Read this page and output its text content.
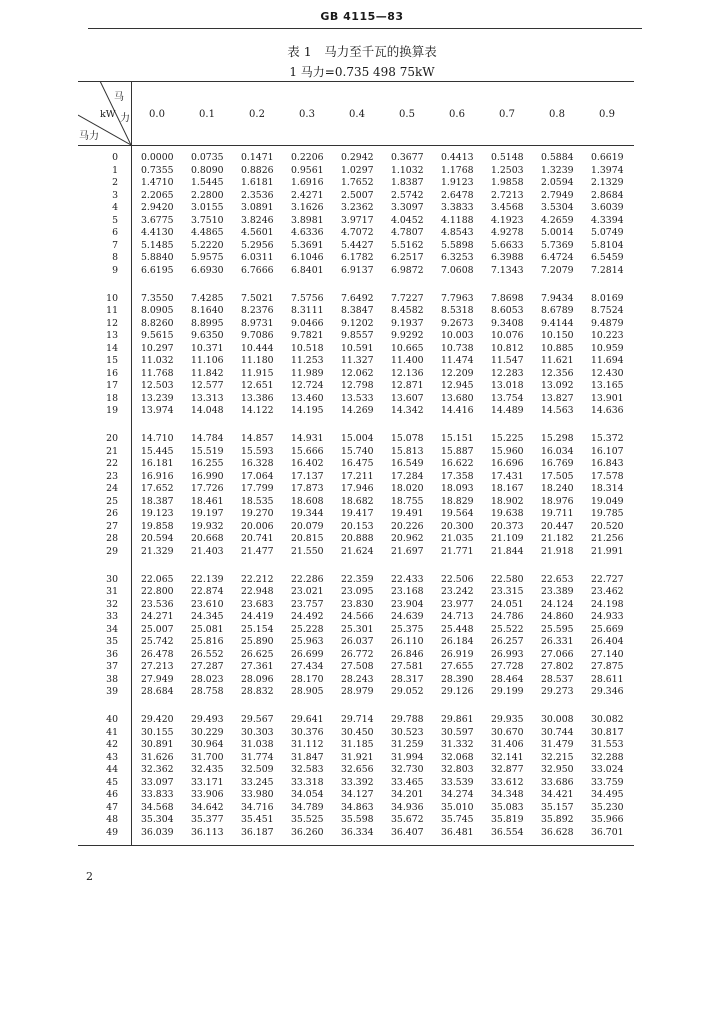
GB 4115—83
表 1　马力至千瓦的换算表
1 马力=0.735 498 75kW
马
力
kW
马力
0.0	0.1	0.2	0.3	0.4	0.5	0.6	0.7	0.8	0.9
0 0.0000 0.0735 0.1471 0.2206 0.2942 0.3677 0.4413 0.5148 0.5884 0.6619
1 0.7355 0.8090 0.8826 0.9561 1.0297 1.1032 1.1768 1.2503 1.3239 1.3974
2 1.4710 1.5445 1.6181 1.6916 1.7652 1.8387 1.9123 1.9858 2.0594 2.1329
3 2.2065 2.2800 2.3536 2.4271 2.5007 2.5742 2.6478 2.7213 2.7949 2.8684
4 2.9420 3.0155 3.0891 3.1626 3.2362 3.3097 3.3833 3.4568 3.5304 3.6039
5 3.6775 3.7510 3.8246 3.8981 3.9717 4.0452 4.1188 4.1923 4.2659 4.3394
6 4.4130 4.4865 4.5601 4.6336 4.7072 4.7807 4.8543 4.9278 5.0014 5.0749
7 5.1485 5.2220 5.2956 5.3691 5.4427 5.5162 5.5898 5.6633 5.7369 5.8104
8 5.8840 5.9575 6.0311 6.1046 6.1782 6.2517 6.3253 6.3988 6.4724 6.5459
9 6.6195 6.6930 6.7666 6.8401 6.9137 6.9872 7.0608 7.1343 7.2079 7.2814
10 7.3550 7.4285 7.5021 7.5756 7.6492 7.7227 7.7963 7.8698 7.9434 8.0169
11 8.0905 8.1640 8.2376 8.3111 8.3847 8.4582 8.5318 8.6053 8.6789 8.7524
12 8.8260 8.8995 8.9731 9.0466 9.1202 9.1937 9.2673 9.3408 9.4144 9.4879
13 9.5615 9.6350 9.7086 9.7821 9.8557 9.9292 10.003 10.076 10.150 10.223
14 10.297 10.371 10.444 10.518 10.591 10.665 10.738 10.812 10.885 10.959
15 11.032 11.106 11.180 11.253 11.327 11.400 11.474 11.547 11.621 11.694
16 11.768 11.842 11.915 11.989 12.062 12.136 12.209 12.283 12.356 12.430
17 12.503 12.577 12.651 12.724 12.798 12.871 12.945 13.018 13.092 13.165
18 13.239 13.313 13.386 13.460 13.533 13.607 13.680 13.754 13.827 13.901
19 13.974 14.048 14.122 14.195 14.269 14.342 14.416 14.489 14.563 14.636
20 14.710 14.784 14.857 14.931 15.004 15.078 15.151 15.225 15.298 15.372
21 15.445 15.519 15.593 15.666 15.740 15.813 15.887 15.960 16.034 16.107
22 16.181 16.255 16.328 16.402 16.475 16.549 16.622 16.696 16.769 16.843
23 16.916 16.990 17.064 17.137 17.211 17.284 17.358 17.431 17.505 17.578
24 17.652 17.726 17.799 17.873 17.946 18.020 18.093 18.167 18.240 18.314
25 18.387 18.461 18.535 18.608 18.682 18.755 18.829 18.902 18.976 19.049
26 19.123 19.197 19.270 19.344 19.417 19.491 19.564 19.638 19.711 19.785
27 19.858 19.932 20.006 20.079 20.153 20.226 20.300 20.373 20.447 20.520
28 20.594 20.668 20.741 20.815 20.888 20.962 21.035 21.109 21.182 21.256
29 21.329 21.403 21.477 21.550 21.624 21.697 21.771 21.844 21.918 21.991
30 22.065 22.139 22.212 22.286 22.359 22.433 22.506 22.580 22.653 22.727
31 22.800 22.874 22.948 23.021 23.095 23.168 23.242 23.315 23.389 23.462
32 23.536 23.610 23.683 23.757 23.830 23.904 23.977 24.051 24.124 24.198
33 24.271 24.345 24.419 24.492 24.566 24.639 24.713 24.786 24.860 24.933
34 25.007 25.081 25.154 25.228 25.301 25.375 25.448 25.522 25.595 25.669
35 25.742 25.816 25.890 25.963 26.037 26.110 26.184 26.257 26.331 26.404
36 26.478 26.552 26.625 26.699 26.772 26.846 26.919 26.993 27.066 27.140
37 27.213 27.287 27.361 27.434 27.508 27.581 27.655 27.728 27.802 27.875
38 27.949 28.023 28.096 28.170 28.243 28.317 28.390 28.464 28.537 28.611
39 28.684 28.758 28.832 28.905 28.979 29.052 29.126 29.199 29.273 29.346
40 29.420 29.493 29.567 29.641 29.714 29.788 29.861 29.935 30.008 30.082
41 30.155 30.229 30.303 30.376 30.450 30.523 30.597 30.670 30.744 30.817
42 30.891 30.964 31.038 31.112 31.185 31.259 31.332 31.406 31.479 31.553
43 31.626 31.700 31.774 31.847 31.921 31.994 32.068 32.141 32.215 32.288
44 32.362 32.435 32.509 32.583 32.656 32.730 32.803 32.877 32.950 33.024
45 33.097 33.171 33.245 33.318 33.392 33.465 33.539 33.612 33.686 33.759
46 33.833 33.906 33.980 34.054 34.127 34.201 34.274 34.348 34.421 34.495
47 34.568 34.642 34.716 34.789 34.863 34.936 35.010 35.083 35.157 35.230
48 35.304 35.377 35.451 35.525 35.598 35.672 35.745 35.819 35.892 35.966
49 36.039 36.113 36.187 36.260 36.334 36.407 36.481 36.554 36.628 36.701
2
